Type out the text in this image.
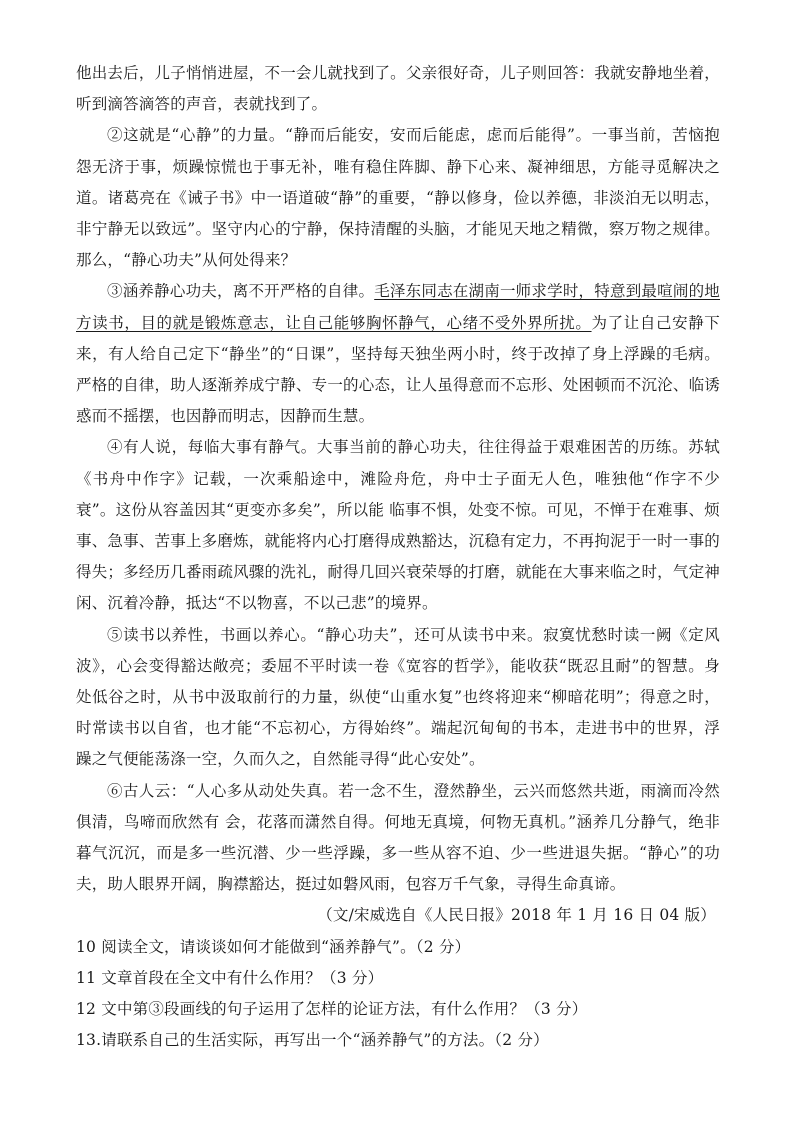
他出去后，儿子悄悄进屋，不一会儿就找到了。父亲很好奇，儿子则回答：我就安静地坐着，听到滴答滴答的声音，表就找到了。

②这就是“心静”的力量。“静而后能安，安而后能虑，虑而后能得”。一事当前，苦恼抱怨无济于事，烦躁惊慌也于事无补，唯有稳住阵脚、静下心来、凝神细思，方能寻觅解决之道。诸葛亮在《诫子书》中一语道破“静”的重要，“静以修身，俭以养德，非淡泊无以明志，非宁静无以致远”。坚守内心的宁静，保持清醒的头脑，才能见天地之精微，察万物之规律。那么，“静心功夫”从何处得来？

③涵养静心功夫，离不开严格的自律。毛泽东同志在湖南一师求学时，特意到最喧闹的地方读书，目的就是锻炼意志，让自己能够胸怀静气，心绪不受外界所扰。为了让自己安静下来，有人给自己定下“静坐”的“日课”，坚持每天独坐两小时，终于改掉了身上浮躁的毛病。严格的自律，助人逐渐养成宁静、专一的心态，让人虽得意而不忘形、处困顿而不沉沦、临诱惑而不摇摆，也因静而明志，因静而生慧。

④有人说，每临大事有静气。大事当前的静心功夫，往往得益于艰难困苦的历练。苏轼《书舟中作字》记载，一次乘船途中，滩险舟危，舟中士子面无人色，唯独他“作字不少衰”。这份从容盖因其“更变亦多矣”，所以能 临事不惧，处变不惊。可见，不惮于在难事、烦事、急事、苦事上多磨炼，就能将内心打磨得成熟豁达，沉稳有定力，不再拘泥于一时一事的得失；多经历几番雨疏风骤的洗礼，耐得几回兴衰荣辱的打磨，就能在大事来临之时，气定神闲、沉着冷静，抵达“不以物喜，不以己悲”的境界。

⑤读书以养性，书画以养心。“静心功夫”，还可从读书中来。寂寞忧愁时读一阙《定风波》，心会变得豁达敞亮；委屈不平时读一卷《宽容的哲学》，能收获“既忍且耐”的智慧。身处低谷之时，从书中汲取前行的力量，纵使“山重水复”也终将迎来“柳暗花明”；得意之时，时常读书以自省，也才能“不忘初心，方得始终”。端起沉甸甸的书本，走进书中的世界，浮躁之气便能荡涤一空，久而久之，自然能寻得“此心安处”。

⑥古人云：“人心多从动处失真。若一念不生，澄然静坐，云兴而悠然共逝，雨滴而冷然俱清，鸟啼而欣然有 会，花落而潇然自得。何地无真境，何物无真机。”涵养几分静气，绝非暮气沉沉，而是多一些沉潜、少一些浮躁，多一些从容不迫、少一些进退失据。“静心”的功夫，助人眼界开阔，胸襟豁达，挺过如磐风雨，包容万千气象，寻得生命真谛。

（文/宋威选自《人民日报》2018 年 1 月 16 日 04 版）

10 阅读全文，请谈谈如何才能做到“涵养静气”。（2 分）

11 文章首段在全文中有什么作用？（3 分）

12 文中第③段画线的句子运用了怎样的论证方法，有什么作用？（3 分）

13.请联系自己的生活实际，再写出一个“涵养静气”的方法。（2 分）
